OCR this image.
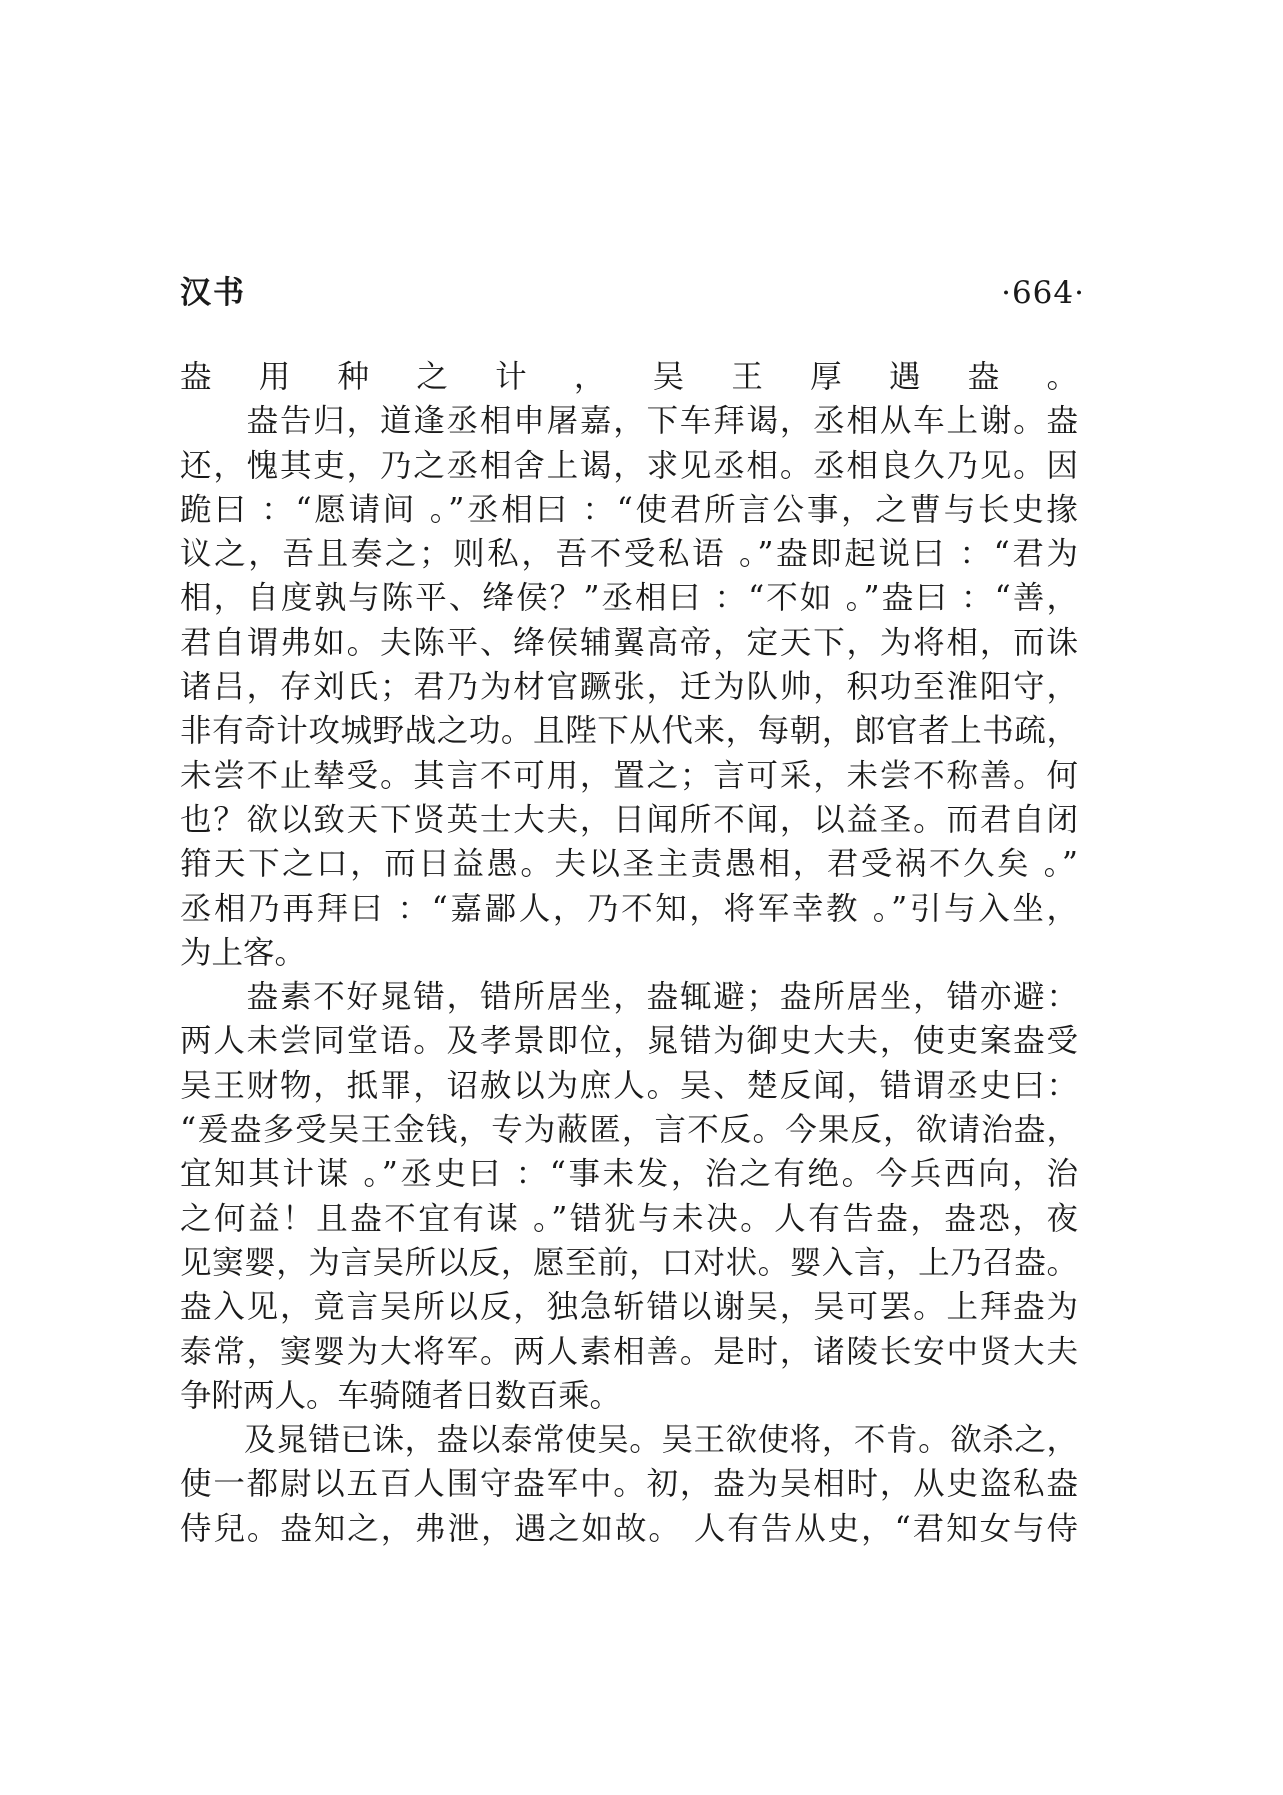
汉书	·664·
盎用种之计，吴王厚遇盎。
　　盎告归，道逢丞相申屠嘉，下车拜谒，丞相从车上谢。盎
还，愧其吏，乃之丞相舍上谒，求见丞相。丞相良久乃见。因
跪曰 ：“愿请间 。”丞相曰 ：“使君所言公事，之曹与长史掾
议之，吾且奏之；则私，吾不受私语 。”盎即起说曰 ：“君为
相，自度孰与陈平、绛侯？”丞相曰 ：“不如 。”盎曰 ：“善，
君自谓弗如。夫陈平、绛侯辅翼高帝，定天下，为将相，而诛
诸吕，存刘氏；君乃为材官蹶张，迁为队帅，积功至淮阳守，
非有奇计攻城野战之功。且陛下从代来，每朝，郎官者上书疏，
未尝不止辇受。其言不可用，置之；言可采，未尝不称善。何
也？欲以致天下贤英士大夫，日闻所不闻，以益圣。而君自闭
箝天下之口，而日益愚。夫以圣主责愚相，君受祸不久矣 。”
丞相乃再拜曰 ：“嘉鄙人，乃不知，将军幸教 。”引与入坐，
为上客。
　　盎素不好晁错，错所居坐，盎辄避；盎所居坐，错亦避：
两人未尝同堂语。及孝景即位，晁错为御史大夫，使吏案盎受
吴王财物，抵罪，诏赦以为庶人。吴、楚反闻，错谓丞史曰：
“爰盎多受吴王金钱，专为蔽匿，言不反。今果反，欲请治盎，
宜知其计谋 。”丞史曰 ：“事未发，治之有绝。今兵西向，治
之何益！且盎不宜有谋 。”错犹与未决。人有告盎，盎恐，夜
见窦婴，为言吴所以反，愿至前，口对状。婴入言，上乃召盎。
盎入见，竟言吴所以反，独急斩错以谢吴，吴可罢。上拜盎为
泰常，窦婴为大将军。两人素相善。是时，诸陵长安中贤大夫
争附两人。车骑随者日数百乘。
　　及晁错已诛，盎以泰常使吴。吴王欲使将，不肯。欲杀之，
使一都尉以五百人围守盎军中。初，盎为吴相时，从史盗私盎
侍兒。盎知之，弗泄，遇之如故。 人有告从史，“君知女与侍
